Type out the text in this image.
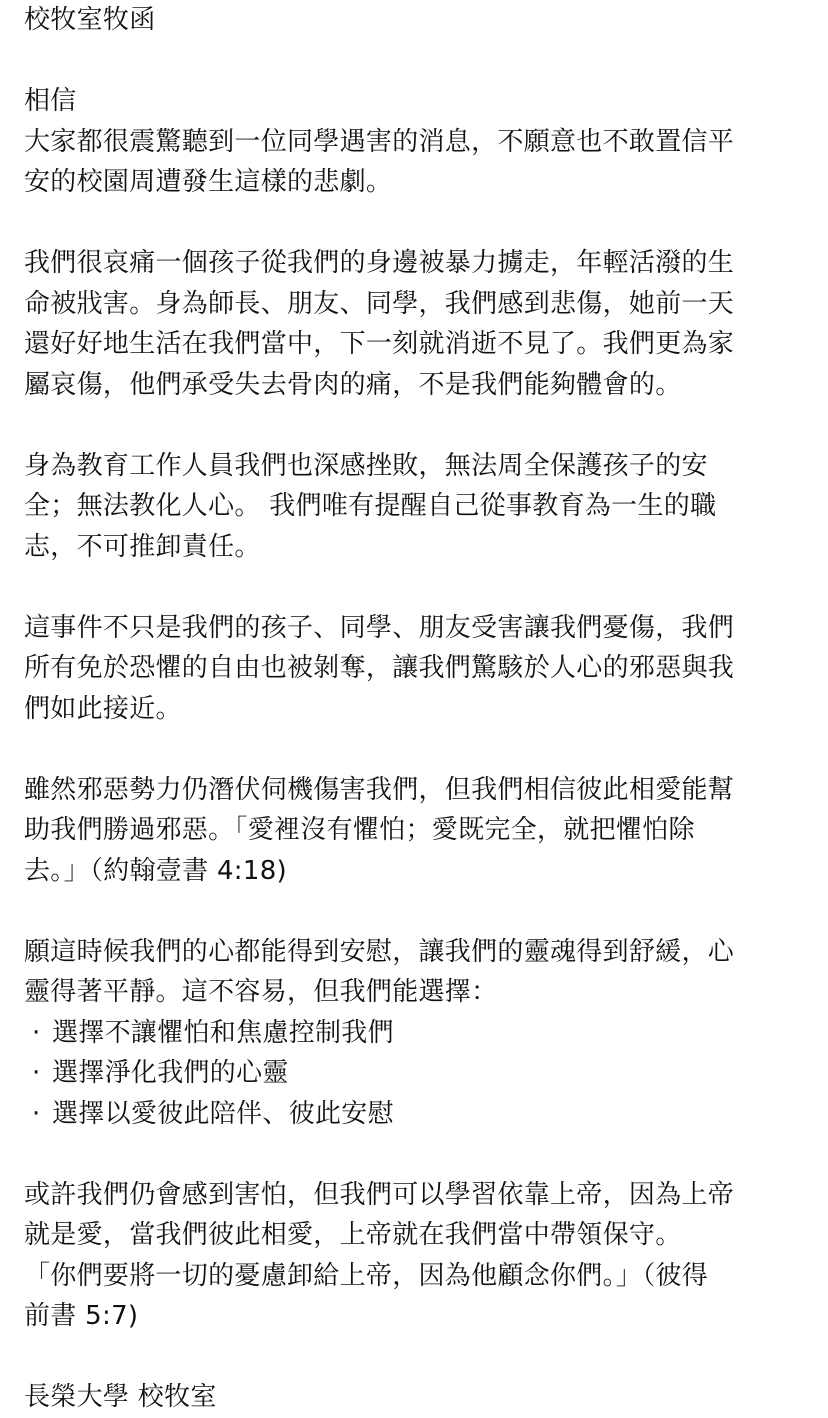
校牧室牧函
相信
大家都很震驚聽到一位同學遇害的消息，不願意也不敢置信平
安的校園周遭發生這樣的悲劇。
我們很哀痛一個孩子從我們的身邊被暴力擄走，年輕活潑的生
命被戕害。身為師長、朋友、同學，我們感到悲傷，她前一天
還好好地生活在我們當中，下一刻就消逝不見了。我們更為家
屬哀傷，他們承受失去骨肉的痛，不是我們能夠體會的。
身為教育工作人員我們也深感挫敗，無法周全保護孩子的安
全；無法教化人心。 我們唯有提醒自己從事教育為一生的職
志，不可推卸責任。
這事件不只是我們的孩子、同學、朋友受害讓我們憂傷，我們
所有免於恐懼的自由也被剝奪，讓我們驚駭於人心的邪惡與我
們如此接近。
雖然邪惡勢力仍潛伏伺機傷害我們，但我們相信彼此相愛能幫
助我們勝過邪惡。「愛裡沒有懼怕；愛既完全，就把懼怕除
去。」（約翰壹書 4:18)
願這時候我們的心都能得到安慰，讓我們的靈魂得到舒緩，心
靈得著平靜。這不容易，但我們能選擇：
· 選擇不讓懼怕和焦慮控制我們
· 選擇淨化我們的心靈
· 選擇以愛彼此陪伴、彼此安慰
或許我們仍會感到害怕，但我們可以學習依靠上帝，因為上帝
就是愛，當我們彼此相愛，上帝就在我們當中帶領保守。
「你們要將一切的憂慮卸給上帝，因為他顧念你們。」（彼得
前書 5:7)
長榮大學 校牧室
